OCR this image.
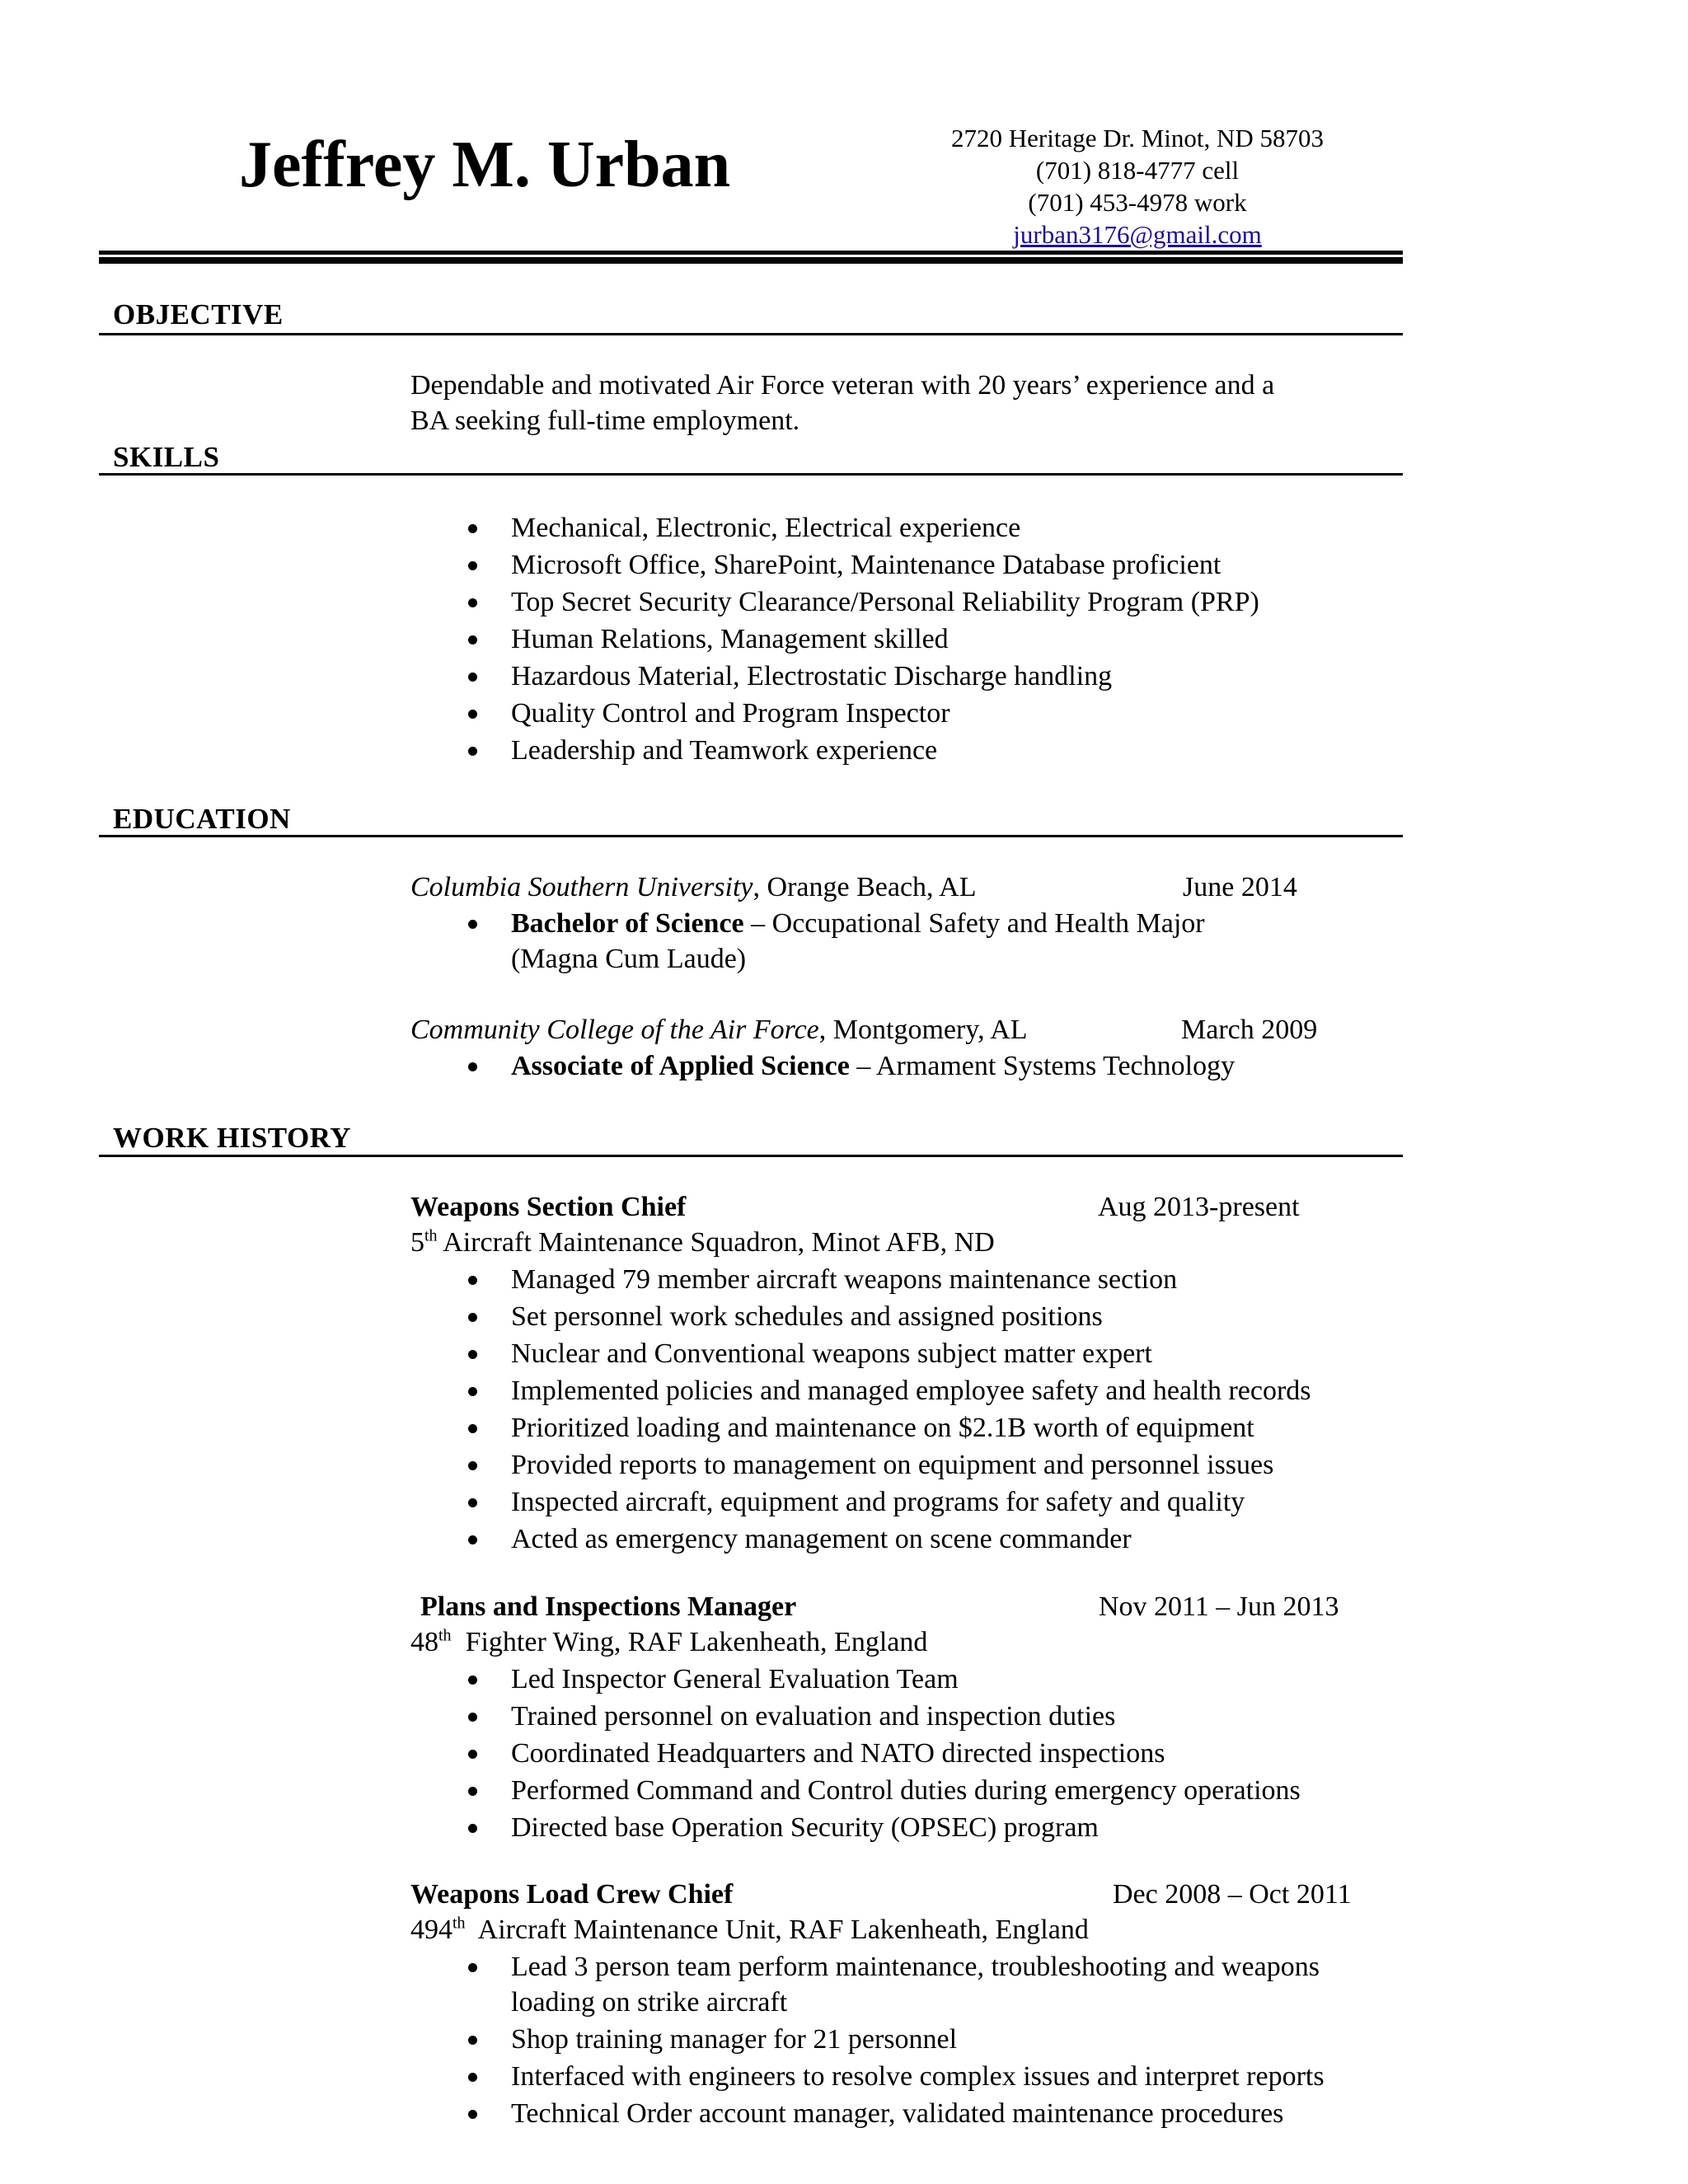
Jeffrey M. Urban	2720 Heritage Dr. Minot, ND 58703
(701) 818-4777 cell
(701) 453-4978 work
jurban3176@gmail.com
OBJECTIVE
Dependable and motivated Air Force veteran with 20 years’ experience and a
BA seeking full-time employment.
SKILLS
Mechanical, Electronic, Electrical experience
Microsoft Office, SharePoint, Maintenance Database proficient
Top Secret Security Clearance/Personal Reliability Program (PRP)
Human Relations, Management skilled
Hazardous Material, Electrostatic Discharge handling
Quality Control and Program Inspector
Leadership and Teamwork experience
EDUCATION
Columbia Southern University, Orange Beach, AL	June 2014
Bachelor of Science – Occupational Safety and Health Major
(Magna Cum Laude)
Community College of the Air Force, Montgomery, AL	March 2009
Associate of Applied Science – Armament Systems Technology
WORK HISTORY
Weapons Section Chief	Aug 2013-present
5th Aircraft Maintenance Squadron, Minot AFB, ND
Managed 79 member aircraft weapons maintenance section
Set personnel work schedules and assigned positions
Nuclear and Conventional weapons subject matter expert
Implemented policies and managed employee safety and health records
Prioritized loading and maintenance on $2.1B worth of equipment
Provided reports to management on equipment and personnel issues
Inspected aircraft, equipment and programs for safety and quality
Acted as emergency management on scene commander
Plans and Inspections Manager	Nov 2011 – Jun 2013
48th  Fighter Wing, RAF Lakenheath, England
Led Inspector General Evaluation Team
Trained personnel on evaluation and inspection duties
Coordinated Headquarters and NATO directed inspections
Performed Command and Control duties during emergency operations
Directed base Operation Security (OPSEC) program
Weapons Load Crew Chief	Dec 2008 – Oct 2011
494th  Aircraft Maintenance Unit, RAF Lakenheath, England
Lead 3 person team perform maintenance, troubleshooting and weapons
loading on strike aircraft
Shop training manager for 21 personnel
Interfaced with engineers to resolve complex issues and interpret reports
Technical Order account manager, validated maintenance procedures
